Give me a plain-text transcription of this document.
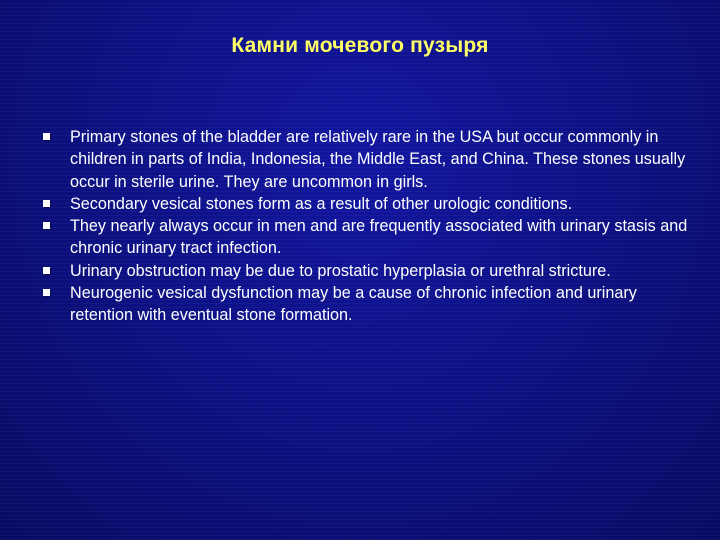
Камни мочевого пузыря
Primary stones of the bladder are relatively rare in the USA but occur commonly in children in parts of India, Indonesia, the Middle East, and China. These stones usually occur in sterile urine. They are uncommon in girls.
Secondary vesical stones form as a result of other urologic conditions.
They nearly always occur in men and are frequently associated with urinary stasis and chronic urinary tract infection.
Urinary obstruction may be due to prostatic hyperplasia or urethral stricture.
Neurogenic vesical dysfunction may be a cause of chronic infection and urinary retention with eventual stone formation.
